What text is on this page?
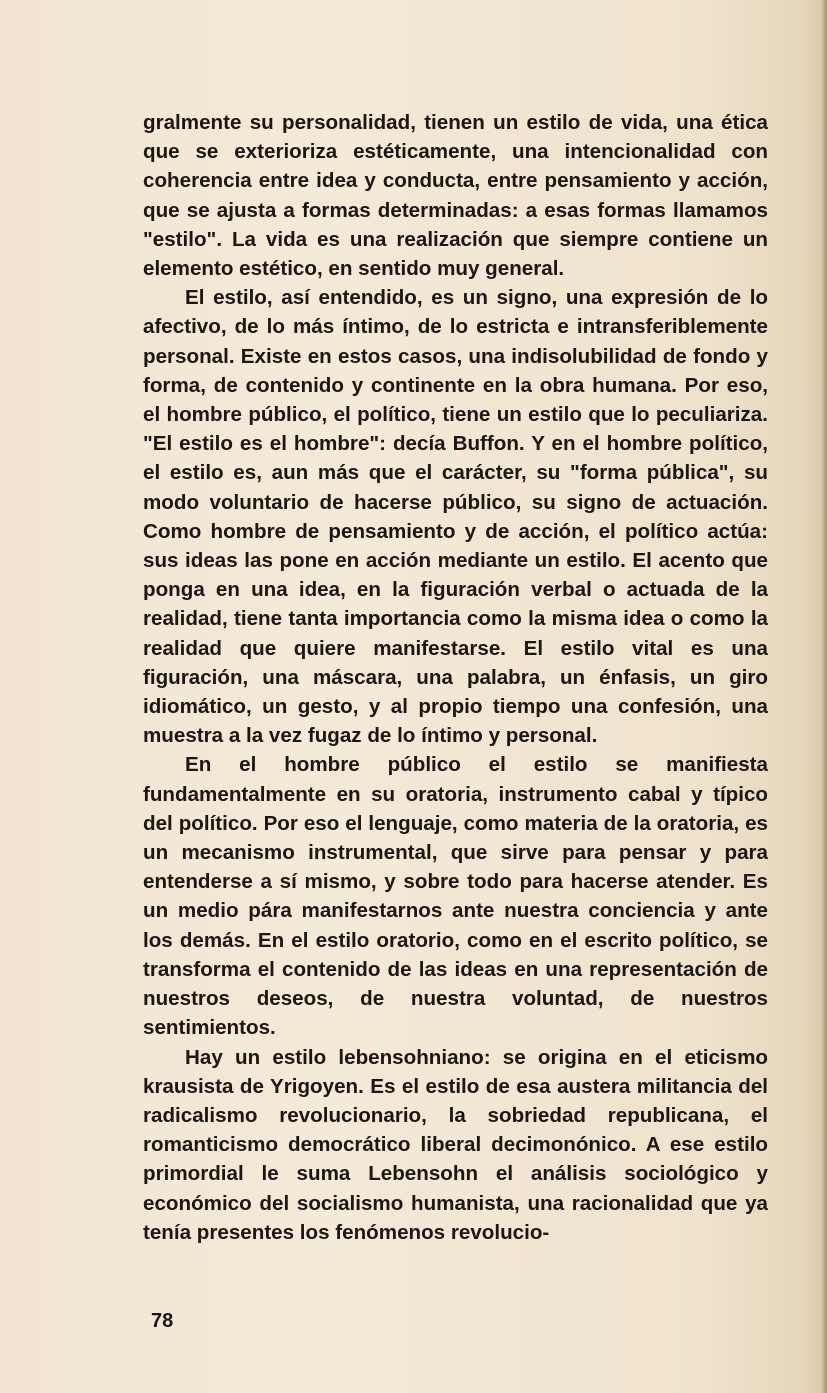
gralmente su personalidad, tienen un estilo de vida, una ética que se exterioriza estéticamente, una intencionalidad con coherencia entre idea y conducta, entre pensamiento y acción, que se ajusta a formas determinadas: a esas formas llamamos "estilo". La vida es una realización que siempre contiene un elemento estético, en sentido muy general.

El estilo, así entendido, es un signo, una expresión de lo afectivo, de lo más íntimo, de lo estricta e intransferiblemente personal. Existe en estos casos, una indisolubilidad de fondo y forma, de contenido y continente en la obra humana. Por eso, el hombre público, el político, tiene un estilo que lo peculiariza. "El estilo es el hombre": decía Buffon. Y en el hombre político, el estilo es, aun más que el carácter, su "forma pública", su modo voluntario de hacerse público, su signo de actuación. Como hombre de pensamiento y de acción, el político actúa: sus ideas las pone en acción mediante un estilo. El acento que ponga en una idea, en la figuración verbal o actuada de la realidad, tiene tanta importancia como la misma idea o como la realidad que quiere manifestarse. El estilo vital es una figuración, una máscara, una palabra, un énfasis, un giro idiomático, un gesto, y al propio tiempo una confesión, una muestra a la vez fugaz de lo íntimo y personal.

En el hombre público el estilo se manifiesta fundamentalmente en su oratoria, instrumento cabal y típico del político. Por eso el lenguaje, como materia de la oratoria, es un mecanismo instrumental, que sirve para pensar y para entenderse a sí mismo, y sobre todo para hacerse atender. Es un medio pára manifestarnos ante nuestra conciencia y ante los demás. En el estilo oratorio, como en el escrito político, se transforma el contenido de las ideas en una representación de nuestros deseos, de nuestra voluntad, de nuestros sentimientos.

Hay un estilo lebensohniano: se origina en el eticismo krausista de Yrigoyen. Es el estilo de esa austera militancia del radicalismo revolucionario, la sobriedad republicana, el romanticismo democrático liberal decimonónico. A ese estilo primordial le suma Lebensohn el análisis sociológico y económico del socialismo humanista, una racionalidad que ya tenía presentes los fenómenos revolucio-

78
